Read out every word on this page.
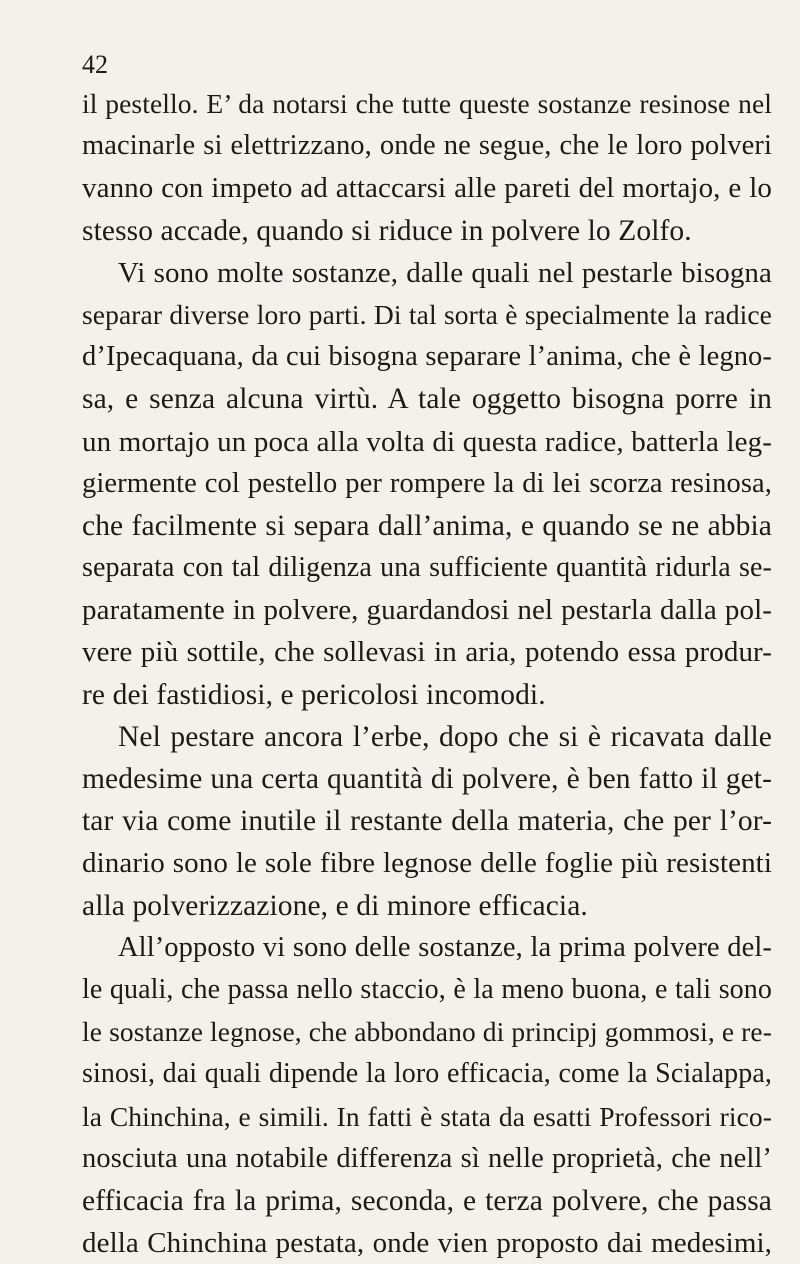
42
il pestello. E’ da notarsi che tutte queste sostanze resinose nel
macinarle si elettrizzano, onde ne segue, che le loro polveri
vanno con impeto ad attaccarsi alle pareti del mortajo, e lo
stesso accade, quando si riduce in polvere lo Zolfo.
Vi sono molte sostanze, dalle quali nel pestarle bisogna
separar diverse loro parti. Di tal sorta è specialmente la radice
d’Ipecaquana, da cui bisogna separare l’anima, che è legno-
sa, e senza alcuna virtù. A tale oggetto bisogna porre in
un mortajo un poca alla volta di questa radice, batterla leg-
giermente col pestello per rompere la di lei scorza resinosa,
che facilmente si separa dall’anima, e quando se ne abbia
separata con tal diligenza una sufficiente quantità ridurla se-
paratamente in polvere, guardandosi nel pestarla dalla pol-
vere più sottile, che sollevasi in aria, potendo essa produr-
re dei fastidiosi, e pericolosi incomodi.
Nel pestare ancora l’erbe, dopo che si è ricavata dalle
medesime una certa quantità di polvere, è ben fatto il get-
tar via come inutile il restante della materia, che per l’or-
dinario sono le sole fibre legnose delle foglie più resistenti
alla polverizzazione, e di minore efficacia.
All’opposto vi sono delle sostanze, la prima polvere del-
le quali, che passa nello staccio, è la meno buona, e tali sono
le sostanze legnose, che abbondano di principj gommosi, e re-
sinosi, dai quali dipende la loro efficacia, come la Scialappa,
la Chinchina, e simili. In fatti è stata da esatti Professori rico-
nosciuta una notabile differenza sì nelle proprietà, che nell’
efficacia fra la prima, seconda, e terza polvere, che passa
della Chinchina pestata, onde vien proposto dai medesimi,
